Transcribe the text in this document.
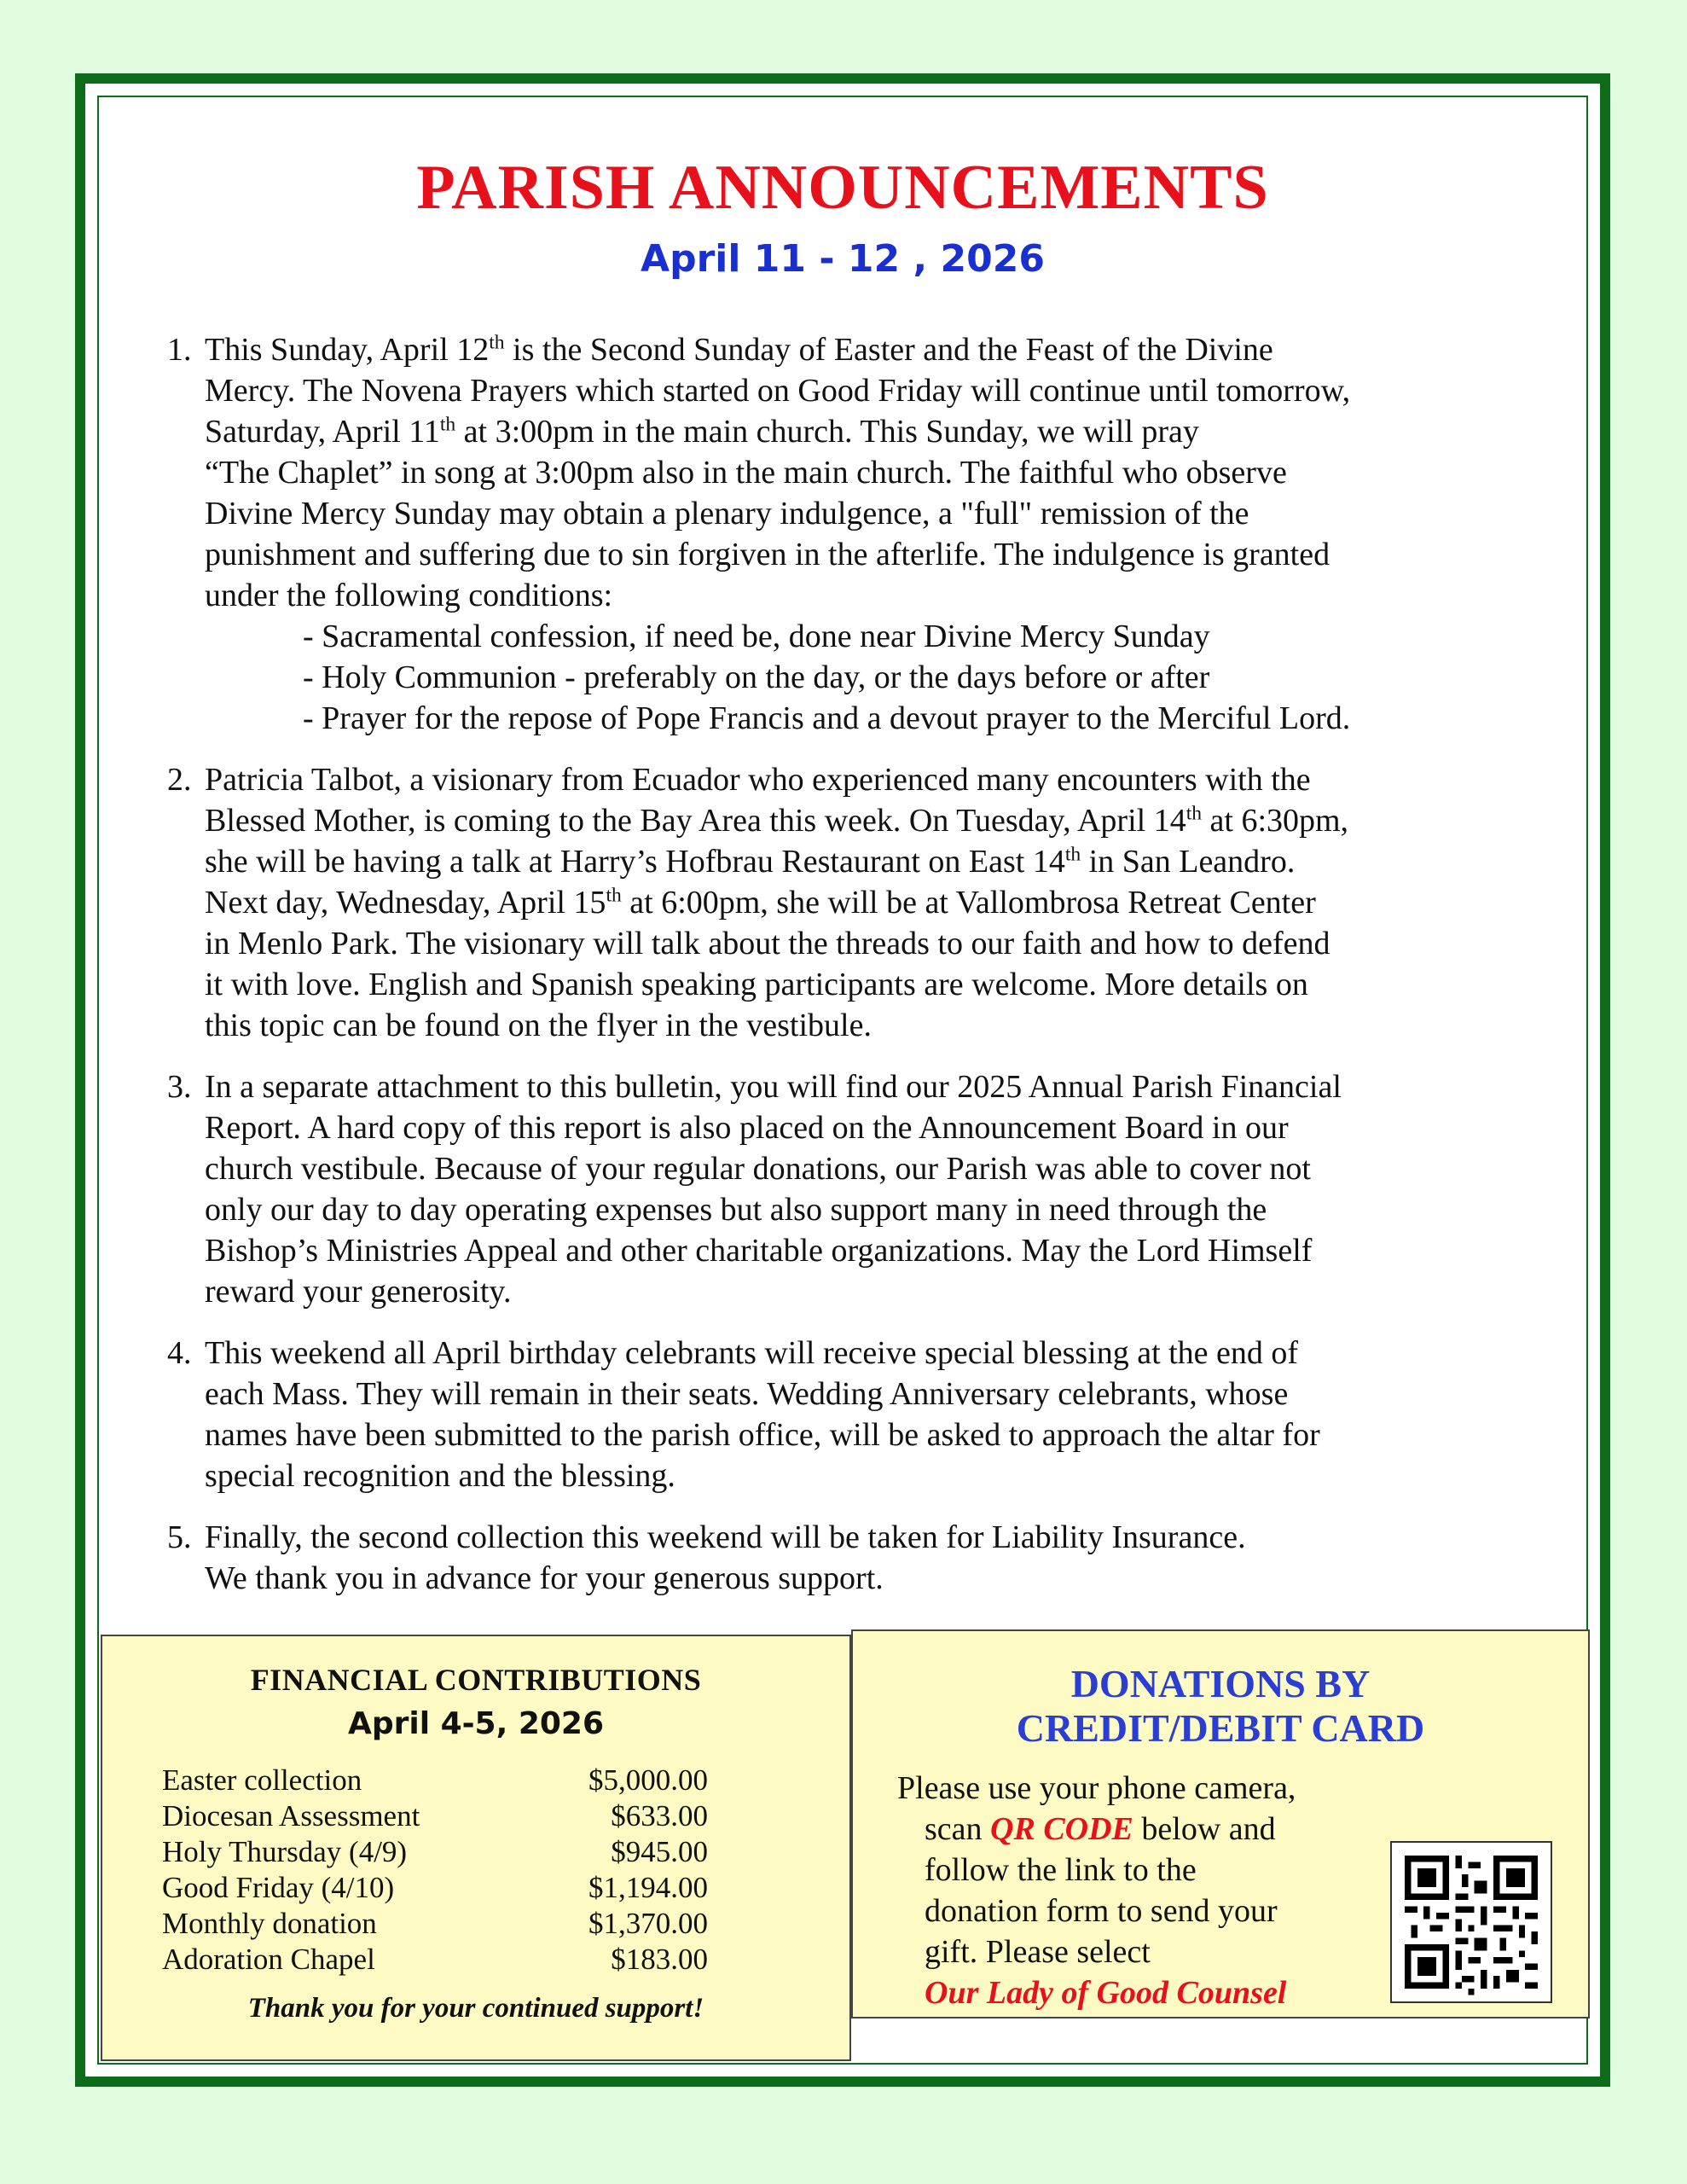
PARISH ANNOUNCEMENTS
April 11 - 12 , 2026
1. This Sunday, April 12th is the Second Sunday of Easter and the Feast of the Divine
Mercy. The Novena Prayers which started on Good Friday will continue until tomorrow,
Saturday, April 11th at 3:00pm in the main church. This Sunday, we will pray
“The Chaplet” in song at 3:00pm also in the main church. The faithful who observe
Divine Mercy Sunday may obtain a plenary indulgence, a "full" remission of the
punishment and suffering due to sin forgiven in the afterlife. The indulgence is granted
under the following conditions:
- Sacramental confession, if need be, done near Divine Mercy Sunday
- Holy Communion - preferably on the day, or the days before or after
- Prayer for the repose of Pope Francis and a devout prayer to the Merciful Lord.
2. Patricia Talbot, a visionary from Ecuador who experienced many encounters with the
Blessed Mother, is coming to the Bay Area this week. On Tuesday, April 14th at 6:30pm,
she will be having a talk at Harry’s Hofbrau Restaurant on East 14th in San Leandro.
Next day, Wednesday, April 15th at 6:00pm, she will be at Vallombrosa Retreat Center
in Menlo Park. The visionary will talk about the threads to our faith and how to defend
it with love. English and Spanish speaking participants are welcome. More details on
this topic can be found on the flyer in the vestibule.
3. In a separate attachment to this bulletin, you will find our 2025 Annual Parish Financial
Report. A hard copy of this report is also placed on the Announcement Board in our
church vestibule. Because of your regular donations, our Parish was able to cover not
only our day to day operating expenses but also support many in need through the
Bishop’s Ministries Appeal and other charitable organizations. May the Lord Himself
reward your generosity.

4. This weekend all April birthday celebrants will receive special blessing at the end of
each Mass. They will remain in their seats. Wedding Anniversary celebrants, whose
names have been submitted to the parish office, will be asked to approach the altar for
special recognition and the blessing.

5. Finally, the second collection this weekend will be taken for Liability Insurance.
We thank you in advance for your generous support.

FINANCIAL CONTRIBUTIONS
April 4-5, 2026
Easter collection	$5,000.00
Diocesan Assessment	$633.00
Holy Thursday (4/9)	$945.00
Good Friday (4/10)	$1,194.00
Monthly donation	$1,370.00
Adoration Chapel	$183.00
Thank you for your continued support!
DONATIONS BY
CREDIT/DEBIT CARD
Please use your phone camera,
scan QR CODE below and
follow the link to the
donation form to send your
gift. Please select
Our Lady of Good Counsel
